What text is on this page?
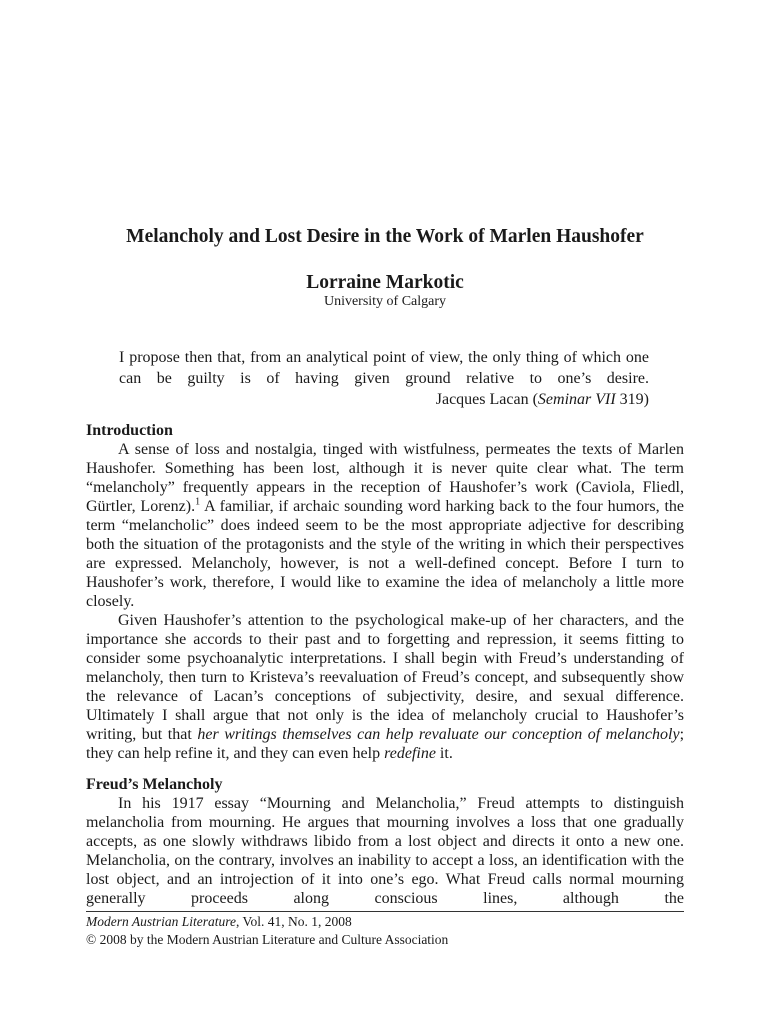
Melancholy and Lost Desire in the Work of Marlen Haushofer
Lorraine Markotic
University of Calgary

I propose then that, from an analytical point of view, the only thing of which one can be guilty is of having given ground relative to one’s desire.

Jacques Lacan (Seminar VII 319)
Introduction

A sense of loss and nostalgia, tinged with wistfulness, permeates the texts of Marlen Haushofer. Something has been lost, although it is never quite clear what. The term “melancholy” frequently appears in the reception of Haushofer’s work (Caviola, Fliedl, Gürtler, Lorenz).$^1$ A familiar, if archaic sounding word harking back to the four humors, the term “melancholic” does indeed seem to be the most appropriate adjective for describing both the situation of the protagonists and the style of the writing in which their perspectives are expressed. Melancholy, however, is not a well-defined concept. Before I turn to Haushofer’s work, therefore, I would like to examine the idea of melancholy a little more closely.

Given Haushofer’s attention to the psychological make-up of her characters, and the importance she accords to their past and to forgetting and repression, it seems fitting to consider some psychoanalytic interpretations. I shall begin with Freud’s understanding of melancholy, then turn to Kristeva’s reevaluation of Freud’s concept, and subsequently show the relevance of Lacan’s conceptions of subjectivity, desire, and sexual difference. Ultimately I shall argue that not only is the idea of melancholy crucial to Haushofer’s writing, but that her writings themselves can help revaluate our conception of melancholy; they can help refine it, and they can even help redefine it.

Freud’s Melancholy

In his 1917 essay “Mourning and Melancholia,” Freud attempts to distinguish melancholia from mourning. He argues that mourning involves a loss that one gradually accepts, as one slowly withdraws libido from a lost object and directs it onto a new one. Melancholia, on the contrary, involves an inability to accept a loss, an identification with the lost object, and an introjection of it into one’s ego. What Freud calls normal mourning generally proceeds along conscious lines, although the

Modern Austrian Literature, Vol. 41, No. 1, 2008
© 2008 by the Modern Austrian Literature and Culture Association
